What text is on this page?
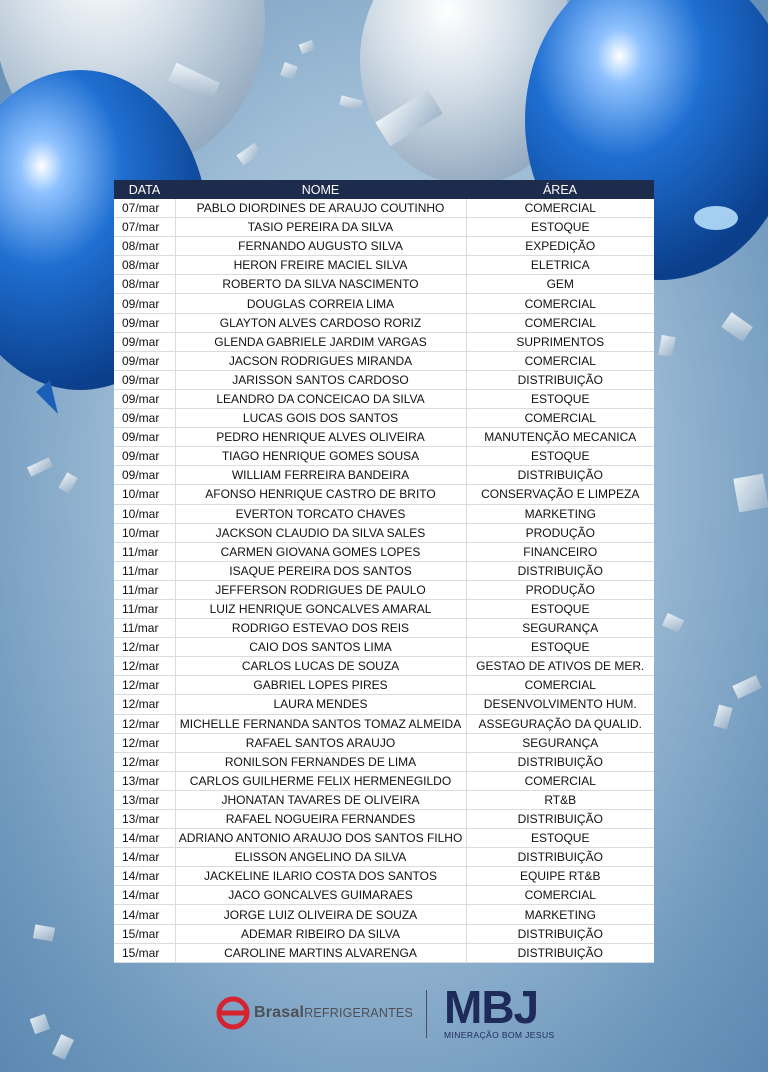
DATA	NOME	ÁREA
07/mar	PABLO DIORDINES DE ARAUJO COUTINHO	COMERCIAL
07/mar	TASIO PEREIRA DA SILVA	ESTOQUE
08/mar	FERNANDO AUGUSTO SILVA	EXPEDIÇÃO
08/mar	HERON FREIRE MACIEL SILVA	ELETRICA
08/mar	ROBERTO DA SILVA NASCIMENTO	GEM
09/mar	DOUGLAS CORREIA LIMA	COMERCIAL
09/mar	GLAYTON ALVES CARDOSO RORIZ	COMERCIAL
09/mar	GLENDA GABRIELE JARDIM VARGAS	SUPRIMENTOS
09/mar	JACSON RODRIGUES MIRANDA	COMERCIAL
09/mar	JARISSON SANTOS CARDOSO	DISTRIBUIÇÃO
09/mar	LEANDRO DA CONCEICAO DA SILVA	ESTOQUE
09/mar	LUCAS GOIS DOS SANTOS	COMERCIAL
09/mar	PEDRO HENRIQUE ALVES OLIVEIRA	MANUTENÇÃO MECANICA
09/mar	TIAGO HENRIQUE GOMES SOUSA	ESTOQUE
09/mar	WILLIAM FERREIRA BANDEIRA	DISTRIBUIÇÃO
10/mar	AFONSO HENRIQUE CASTRO DE BRITO	CONSERVAÇÃO E LIMPEZA
10/mar	EVERTON TORCATO CHAVES	MARKETING
10/mar	JACKSON CLAUDIO DA SILVA SALES	PRODUÇÃO
11/mar	CARMEN GIOVANA GOMES LOPES	FINANCEIRO
11/mar	ISAQUE PEREIRA DOS SANTOS	DISTRIBUIÇÃO
11/mar	JEFFERSON RODRIGUES DE PAULO	PRODUÇÃO
11/mar	LUIZ HENRIQUE GONCALVES AMARAL	ESTOQUE
11/mar	RODRIGO ESTEVAO DOS REIS	SEGURANÇA
12/mar	CAIO DOS SANTOS LIMA	ESTOQUE
12/mar	CARLOS LUCAS DE SOUZA	GESTAO DE ATIVOS DE MER.
12/mar	GABRIEL LOPES PIRES	COMERCIAL
12/mar	LAURA MENDES	DESENVOLVIMENTO HUM.
12/mar	MICHELLE FERNANDA SANTOS TOMAZ ALMEIDA	ASSEGURAÇÃO DA QUALID.
12/mar	RAFAEL SANTOS ARAUJO	SEGURANÇA
12/mar	RONILSON FERNANDES DE LIMA	DISTRIBUIÇÃO
13/mar	CARLOS GUILHERME FELIX HERMENEGILDO	COMERCIAL
13/mar	JHONATAN TAVARES DE OLIVEIRA	RT&B
13/mar	RAFAEL NOGUEIRA FERNANDES	DISTRIBUIÇÃO
14/mar	ADRIANO ANTONIO ARAUJO DOS SANTOS FILHO	ESTOQUE
14/mar	ELISSON ANGELINO DA SILVA	DISTRIBUIÇÃO
14/mar	JACKELINE ILARIO COSTA DOS SANTOS	EQUIPE RT&B
14/mar	JACO GONCALVES GUIMARAES	COMERCIAL
14/mar	JORGE LUIZ OLIVEIRA DE SOUZA	MARKETING
15/mar	ADEMAR RIBEIRO DA SILVA	DISTRIBUIÇÃO
15/mar	CAROLINE MARTINS ALVARENGA	DISTRIBUIÇÃO
BrasalREFRIGERANTES MBJ
MINERAÇÃO BOM JESUS
